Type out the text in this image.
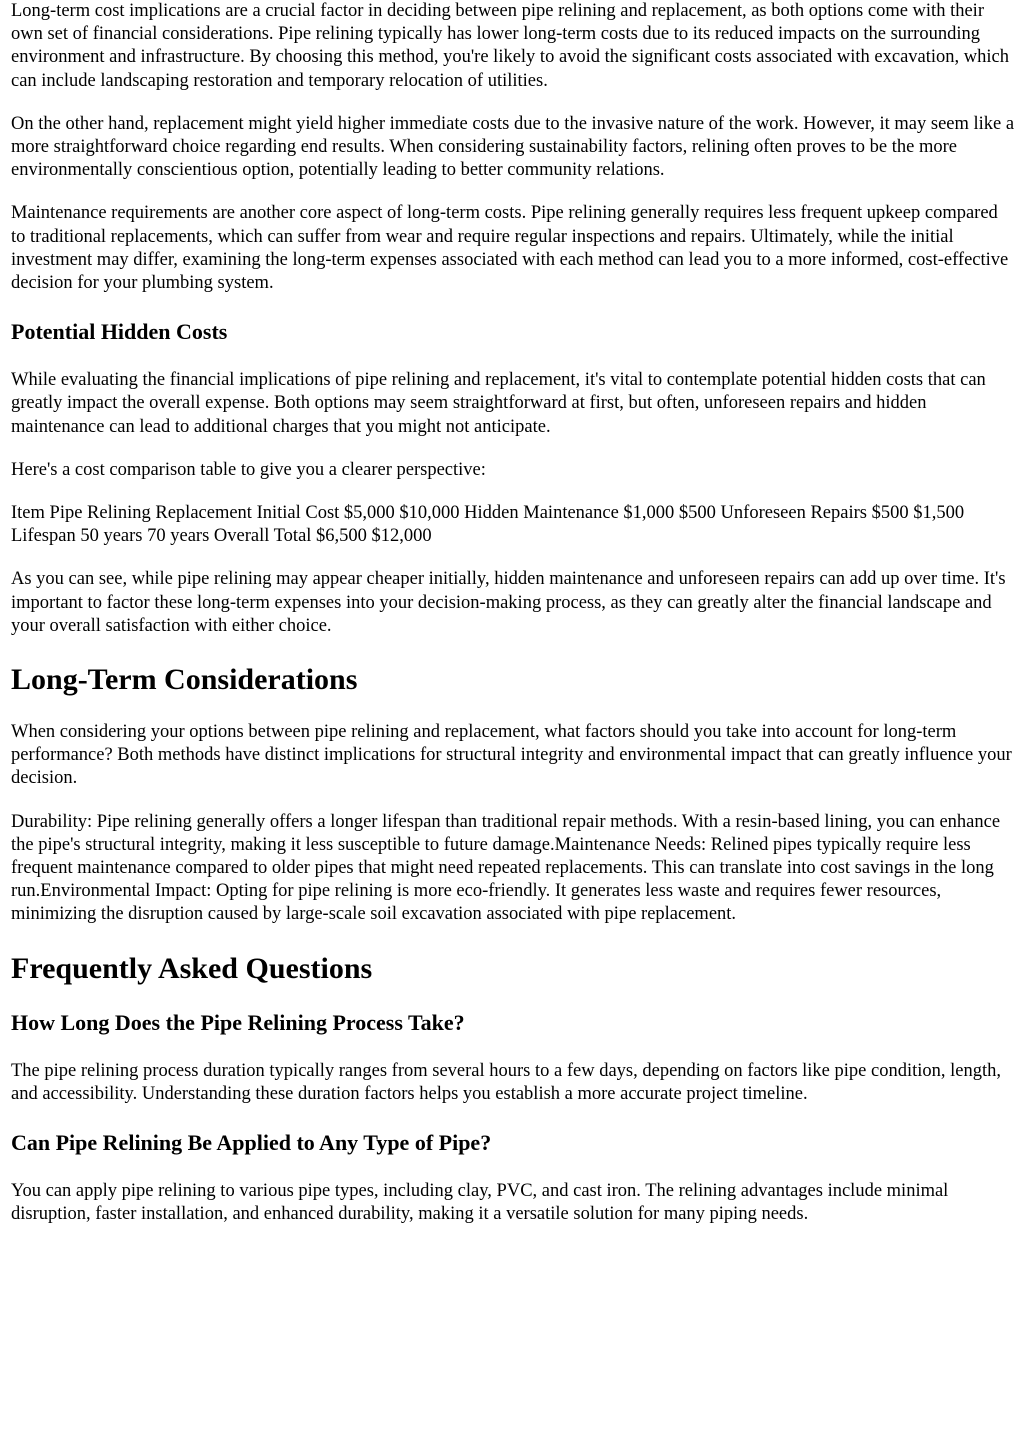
Long-term cost implications are a crucial factor in deciding between pipe relining and replacement, as both options come with their own set of financial considerations. Pipe relining typically has lower long-term costs due to its reduced impacts on the surrounding environment and infrastructure. By choosing this method, you're likely to avoid the significant costs associated with excavation, which can include landscaping restoration and temporary relocation of utilities.

On the other hand, replacement might yield higher immediate costs due to the invasive nature of the work. However, it may seem like a more straightforward choice regarding end results. When considering sustainability factors, relining often proves to be the more environmentally conscientious option, potentially leading to better community relations.

Maintenance requirements are another core aspect of long-term costs. Pipe relining generally requires less frequent upkeep compared to traditional replacements, which can suffer from wear and require regular inspections and repairs. Ultimately, while the initial investment may differ, examining the long-term expenses associated with each method can lead you to a more informed, cost-effective decision for your plumbing system.

Potential Hidden Costs

While evaluating the financial implications of pipe relining and replacement, it's vital to contemplate potential hidden costs that can greatly impact the overall expense. Both options may seem straightforward at first, but often, unforeseen repairs and hidden maintenance can lead to additional charges that you might not anticipate.

Here's a cost comparison table to give you a clearer perspective:

Item Pipe Relining Replacement Initial Cost $5,000 $10,000 Hidden Maintenance $1,000 $500 Unforeseen Repairs $500 $1,500 Lifespan 50 years 70 years Overall Total $6,500 $12,000

As you can see, while pipe relining may appear cheaper initially, hidden maintenance and unforeseen repairs can add up over time. It's important to factor these long-term expenses into your decision-making process, as they can greatly alter the financial landscape and your overall satisfaction with either choice.

Long-Term Considerations

When considering your options between pipe relining and replacement, what factors should you take into account for long-term performance? Both methods have distinct implications for structural integrity and environmental impact that can greatly influence your decision.

Durability: Pipe relining generally offers a longer lifespan than traditional repair methods. With a resin-based lining, you can enhance the pipe's structural integrity, making it less susceptible to future damage.Maintenance Needs: Relined pipes typically require less frequent maintenance compared to older pipes that might need repeated replacements. This can translate into cost savings in the long run.Environmental Impact: Opting for pipe relining is more eco-friendly. It generates less waste and requires fewer resources, minimizing the disruption caused by large-scale soil excavation associated with pipe replacement.

Frequently Asked Questions
How Long Does the Pipe Relining Process Take?

The pipe relining process duration typically ranges from several hours to a few days, depending on factors like pipe condition, length, and accessibility. Understanding these duration factors helps you establish a more accurate project timeline.

Can Pipe Relining Be Applied to Any Type of Pipe?

You can apply pipe relining to various pipe types, including clay, PVC, and cast iron. The relining advantages include minimal disruption, faster installation, and enhanced durability, making it a versatile solution for many piping needs.
